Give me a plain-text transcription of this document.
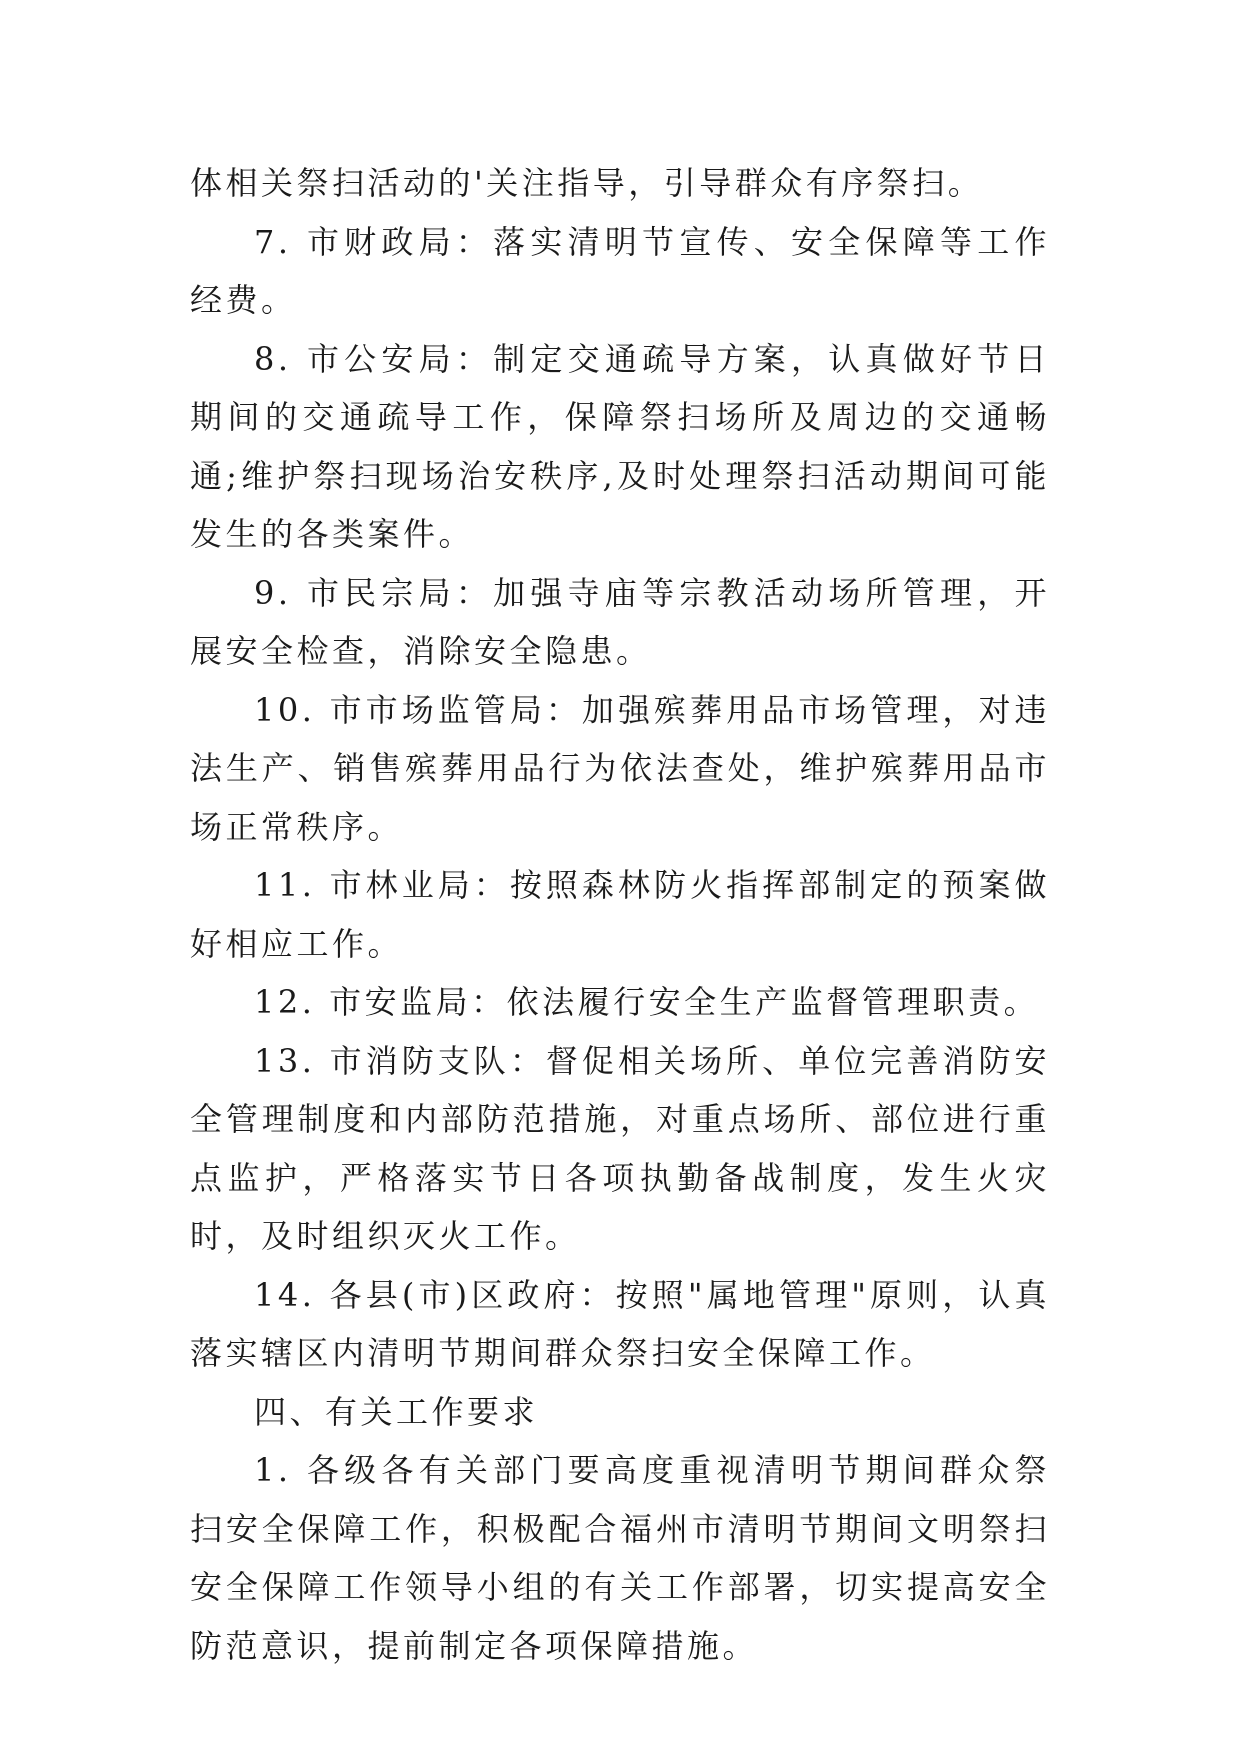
体相关祭扫活动的'关注指导，引导群众有序祭扫。

7. 市财政局：落实清明节宣传、安全保障等工作经费。

8. 市公安局：制定交通疏导方案，认真做好节日期间的交通疏导工作，保障祭扫场所及周边的交通畅通;维护祭扫现场治安秩序,及时处理祭扫活动期间可能发生的各类案件。

9. 市民宗局：加强寺庙等宗教活动场所管理，开展安全检查，消除安全隐患。

10. 市市场监管局：加强殡葬用品市场管理，对违法生产、销售殡葬用品行为依法查处，维护殡葬用品市场正常秩序。

11. 市林业局：按照森林防火指挥部制定的预案做好相应工作。

12. 市安监局：依法履行安全生产监督管理职责。

13. 市消防支队：督促相关场所、单位完善消防安全管理制度和内部防范措施，对重点场所、部位进行重点监护，严格落实节日各项执勤备战制度，发生火灾时，及时组织灭火工作。

14. 各县(市)区政府：按照"属地管理"原则，认真落实辖区内清明节期间群众祭扫安全保障工作。

四、有关工作要求

1. 各级各有关部门要高度重视清明节期间群众祭扫安全保障工作，积极配合福州市清明节期间文明祭扫安全保障工作领导小组的有关工作部署，切实提高安全防范意识，提前制定各项保障措施。
